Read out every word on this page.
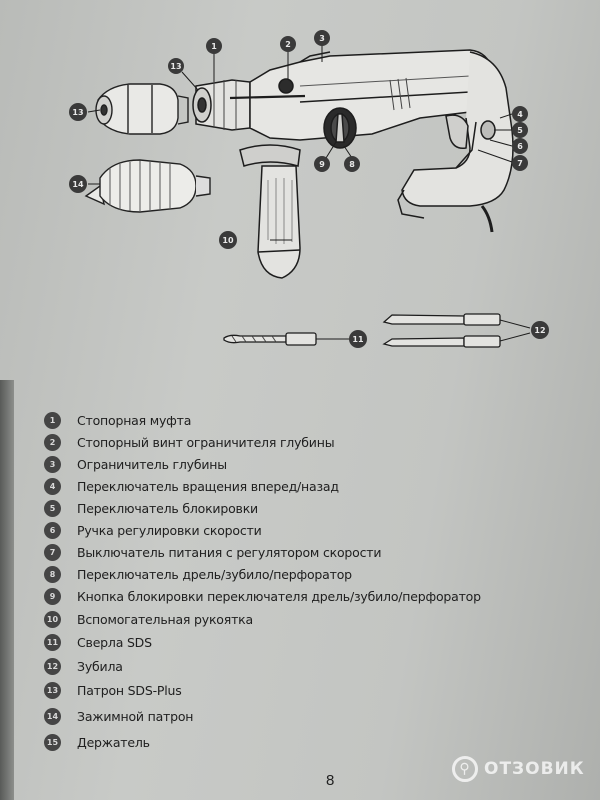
1	2
3
4
5
6
7
8
9
10
11
12
13
13
14
1	Стопорная муфта
2	Стопорный винт ограничителя глубины
3	Ограничитель глубины
4	Переключатель вращения вперед/назад
5	Переключатель блокировки
6	Ручка регулировки скорости
7	Выключатель питания с регулятором скорости
8	Переключатель дрель/зубило/перфоратор
9	Кнопка блокировки переключателя дрель/зубило/перфоратор
10 Вспомогательная рукоятка
11 Сверла SDS
12 Зубила
13 Патрон SDS-Plus
14 Зажимной патрон
15 Держатель
8
⚲ ОТЗОВИК
